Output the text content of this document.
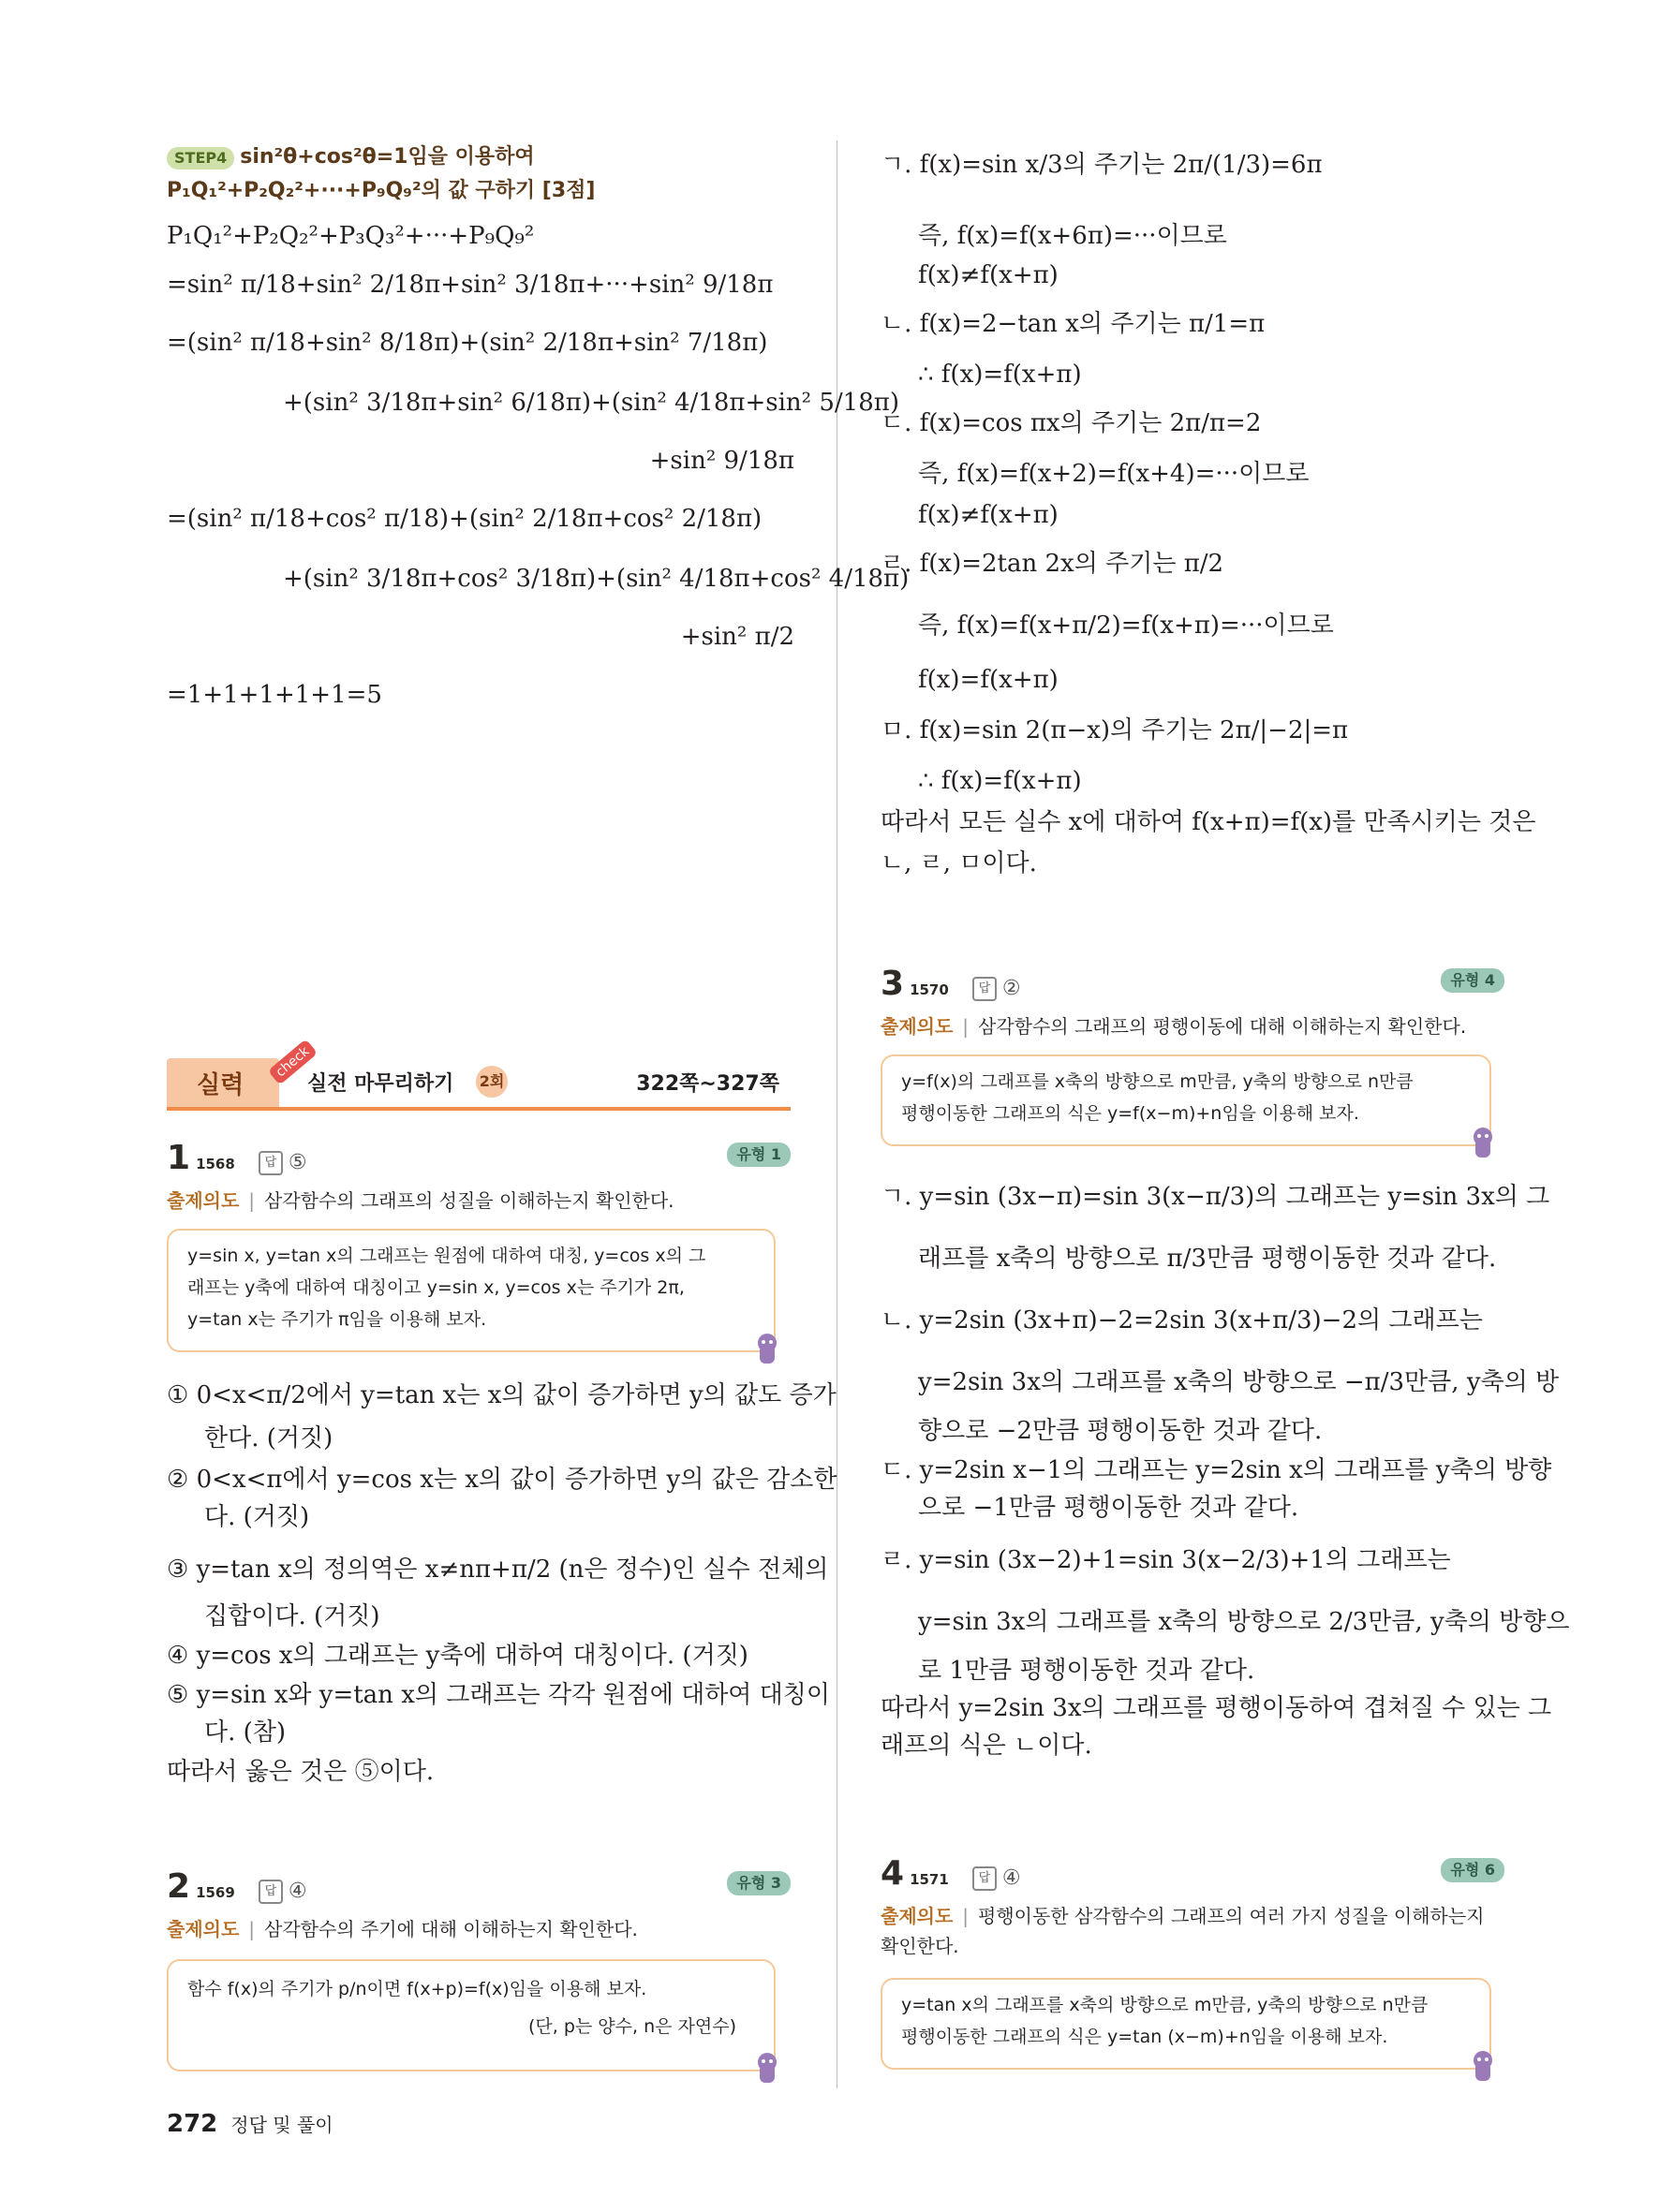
STEP4 sin²θ+cos²θ=1임을 이용하여 P₁Q₁²+P₂Q₂²+···+P₉Q₉²의 값 구하기 [3점]
P₁Q₁²+P₂Q₂²+P₃Q₃²+···+P₉Q₉²
=sin² π/18+sin² 2/18π+sin² 3/18π+···+sin² 9/18π
=(sin² π/18+sin² 8/18π)+(sin² 2/18π+sin² 7/18π)
+(sin² 3/18π+sin² 6/18π)+(sin² 4/18π+sin² 5/18π)
+sin² 9/18π
=(sin² π/18+cos² π/18)+(sin² 2/18π+cos² 2/18π)
+(sin² 3/18π+cos² 3/18π)+(sin² 4/18π+cos² 4/18π)
+sin² π/2
=1+1+1+1+1=5
ㄱ. f(x)=sin x/3의 주기는 2π/(1/3)=6π
즉, f(x)=f(x+6π)=···이므로
f(x)≠f(x+π)
ㄴ. f(x)=2−tan x의 주기는 π/1=π
∴ f(x)=f(x+π)
ㄷ. f(x)=cos πx의 주기는 2π/π=2
즉, f(x)=f(x+2)=f(x+4)=···이므로
f(x)≠f(x+π)
ㄹ. f(x)=2tan 2x의 주기는 π/2
즉, f(x)=f(x+π/2)=f(x+π)=···이므로
f(x)=f(x+π)
ㅁ. f(x)=sin 2(π−x)의 주기는 2π/|−2|=π
∴ f(x)=f(x+π)
따라서 모든 실수 x에 대하여 f(x+π)=f(x)를 만족시키는 것은
ㄴ, ㄹ, ㅁ이다.
실력
check
실전 마무리하기 2회	322쪽~327쪽
1 1568 답 ⑤	유형 1
출제의도 | 삼각함수의 그래프의 성질을 이해하는지 확인한다.
y=sin x, y=tan x의 그래프는 원점에 대하여 대칭, y=cos x의 그
래프는 y축에 대하여 대칭이고 y=sin x, y=cos x는 주기가 2π,
y=tan x는 주기가 π임을 이용해 보자.
① 0<x<π/2에서 y=tan x는 x의 값이 증가하면 y의 값도 증가
한다. (거짓)
② 0<x<π에서 y=cos x는 x의 값이 증가하면 y의 값은 감소한
다. (거짓)
③ y=tan x의 정의역은 x≠nπ+π/2 (n은 정수)인 실수 전체의
집합이다. (거짓)
④ y=cos x의 그래프는 y축에 대하여 대칭이다. (거짓)
⑤ y=sin x와 y=tan x의 그래프는 각각 원점에 대하여 대칭이
다. (참)
따라서 옳은 것은 ⑤이다.
2 1569 답 ④	유형 3
출제의도 | 삼각함수의 주기에 대해 이해하는지 확인한다.
함수 f(x)의 주기가 p/n이면 f(x+p)=f(x)임을 이용해 보자.
(단, p는 양수, n은 자연수)
3 1570 답 ②	유형 4
출제의도 | 삼각함수의 그래프의 평행이동에 대해 이해하는지 확인한다.
y=f(x)의 그래프를 x축의 방향으로 m만큼, y축의 방향으로 n만큼
평행이동한 그래프의 식은 y=f(x−m)+n임을 이용해 보자.
ㄱ. y=sin (3x−π)=sin 3(x−π/3)의 그래프는 y=sin 3x의 그
래프를 x축의 방향으로 π/3만큼 평행이동한 것과 같다.
ㄴ. y=2sin (3x+π)−2=2sin 3(x+π/3)−2의 그래프는
y=2sin 3x의 그래프를 x축의 방향으로 −π/3만큼, y축의 방
향으로 −2만큼 평행이동한 것과 같다.
ㄷ. y=2sin x−1의 그래프는 y=2sin x의 그래프를 y축의 방향
으로 −1만큼 평행이동한 것과 같다.
ㄹ. y=sin (3x−2)+1=sin 3(x−2/3)+1의 그래프는
y=sin 3x의 그래프를 x축의 방향으로 2/3만큼, y축의 방향으
로 1만큼 평행이동한 것과 같다.
따라서 y=2sin 3x의 그래프를 평행이동하여 겹쳐질 수 있는 그
래프의 식은 ㄴ이다.
4 1571 답 ④	유형 6
출제의도 | 평행이동한 삼각함수의 그래프의 여러 가지 성질을 이해하는지
확인한다.
y=tan x의 그래프를 x축의 방향으로 m만큼, y축의 방향으로 n만큼
평행이동한 그래프의 식은 y=tan (x−m)+n임을 이용해 보자.
272 정답 및 풀이
